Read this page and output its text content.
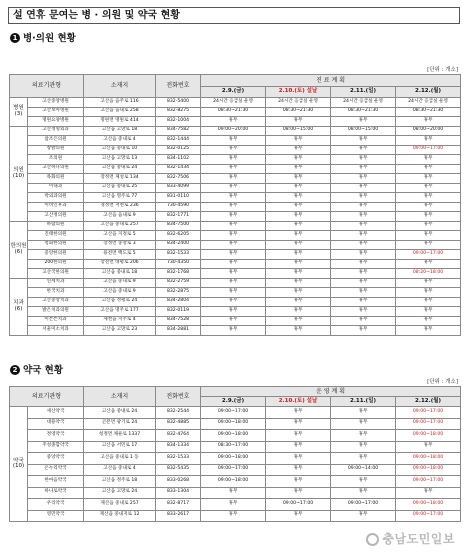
설 연휴 문여는 병 · 의원 및 약국 현황
1 병·의원 현황
[단위 : 개소]
의료기관형		소재지	전화번호	진 료 계 획			
				2.9.(금)	2.10.(토) 설날	2.11.(일)	2.12.(월)
병원
(3)	고산중앙병원	고산읍 읍주로 116	832-5400	24시간 응급실 운영	24시간 응급실 운영	24시간 응급실 운영	24시간 응급실 운영
	고산보아병원	고산읍 읍내로 258	832-8275	08:30~21:30	08:30~21:30	08:30~21:30	08:30~21:30
	명원요양병원	명원면 명원로 414	832-1004	휴무	휴무	휴무	휴무
의원
(10)	고산정형외과	고산읍 고망로 18	834-7582	09:00~20:00	08:00~15:00	08:00~15:00	08:00~20:00
	참조은의원	고산읍 중내로 4	832-1444	휴무	휴무	휴무	휴무
	창밝의원	고산읍 중내로 10	832-0125	휴무	휴무	휴무	09:00~17:00
	조의원	고산읍 고망로 13	834-1102	휴무	휴무	휴무	휴무
	고산하나의원	고산읍 중내로 24	832-1434	휴무	휴무	휴무	휴무
	목화의원	장정면 제성로 134	832-7506	휴무	휴무	휴무	휴무
	이내과	고산읍 중내로 25	833-4099	휴무	휴무	휴무	휴무
	박외과의원	고산읍 명주로 77	831-0110	휴무	휴무	휴무	휴무
	이비인후과	경정면 저천로 236	730-4590	휴무	휴무	휴무	휴무
	고산정의원	고산읍 읍내로 9	832-1771	휴무	휴무	휴무	휴무
한의원
(6)	하람의원	고산읍 중내로 257	834-7500	휴무	휴무	휴무	휴무
	진태한의원	고산읍 지정로 5	832-6205	휴무	휴무	휴무	휴무
	청화한의원	장정면 중앙로 3	834-2400	휴무	휴무	휴무	휴무
	중앙한의원	용전면 백도로 5	832-1533	휴무	휴무	휴무	09:00~17:00
	200한의원	장전면 대평로 206	730-4350	휴무	휴무	휴무	휴무
	고산국한의원	고산읍 중내로 18	832-1768	휴무	휴무	휴무	08:20~18:00
치과
(6)	연세치과	고산읍 중내로 9	832-2759	휴무	휴무	휴무	휴무
	한국치과	고산읍 중내로 9	832-2875	휴무	휴무	휴무	휴무
	고산중앙치과	고산읍 정평로 24	834-2804	휴무	휴무	휴무	휴무
	밝은치과의원	고산읍 명주로 177	832-0119	휴무	휴무	휴무	휴무
	이튼튼치과	제천읍 지주로 4	834-7528	휴무	휴무	휴무	휴무
	서울미소치과	고산읍 고망로 23	834-2881	휴무	휴무	휴무	휴무
2 약국 현황
[단위 : 개소]
의료기관형		소재지	전화번호	운 영 계 획			
				2.9.(금)	2.10.(토) 설날	2.11.(일)	2.12.(월)
약국
(10)	새산약국	고산읍 중내로 24	832-2544	09:00~17:00	휴무	휴무	09:00~17:00
	대용약국	곤폰면 광기로 24	832-4885	09:00~18:00	휴무	휴무	09:00~17:00
	정영약국	청정면 채운로 1337	832-4764	09:00~18:00	휴무	휴무	09:00~18:00
	주성종합약국	고산읍 서민로 17	834-1334	08:30~17:00	휴무	휴무	휴무
	중앙약국	고산읍 중내로 1 동	832-1533	09:00~18:00	휴무	휴무	09:00~18:00
	온누리약국	고산읍 중내로 4	832-5435	09:00~17:00	휴무	09:00~14:00	09:00~18:00
	한마음약국	고산읍 정주로 18	833-0268	09:00~18:00	휴무	휴무	09:00~17:00
	하나로약국	고산읍 고망로 24	833-1304	휴무	휴무	휴무	휴무
	우리약국	제산읍 중내로 257	832-8717	휴무	09:00~17:00	09:00~17:00	09:00~18:00
	영민약국	제산읍 중내지로 12	833-2617	휴무	휴무	휴무	09:00~17:00
충남도민일보
